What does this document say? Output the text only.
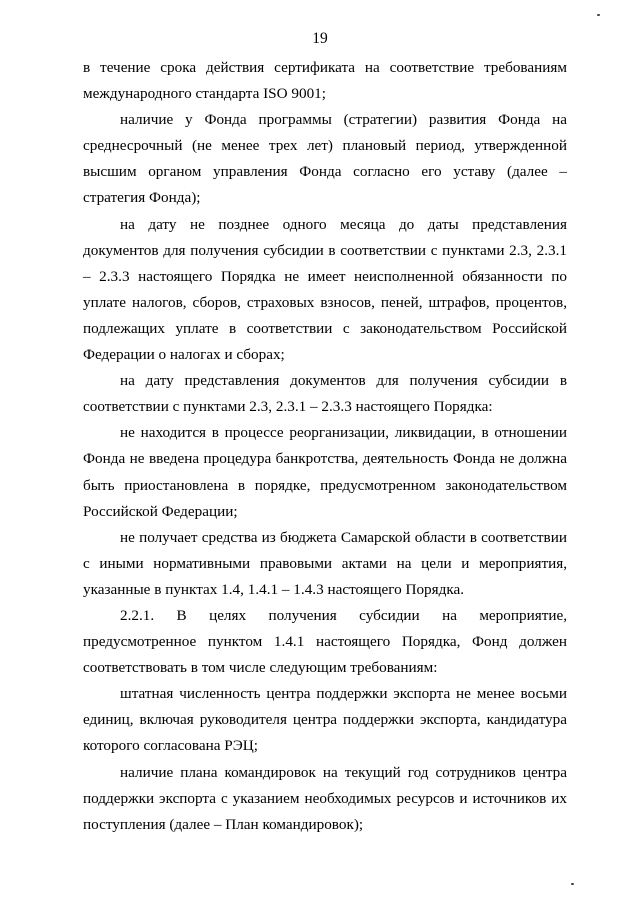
19

в течение срока действия сертификата на соответствие требованиям международного стандарта ISO 9001;

наличие у Фонда программы (стратегии) развития Фонда на среднесрочный (не менее трех лет) плановый период, утвержденной высшим органом управления Фонда согласно его уставу (далее – стратегия Фонда);

на дату не позднее одного месяца до даты представления документов для получения субсидии в соответствии с пунктами 2.3, 2.3.1 – 2.3.3 настоящего Порядка не имеет неисполненной обязанности по уплате налогов, сборов, страховых взносов, пеней, штрафов, процентов, подлежащих уплате в соответствии с законодательством Российской Федерации о налогах и сборах;

на дату представления документов для получения субсидии в соответствии с пунктами 2.3, 2.3.1 – 2.3.3 настоящего Порядка:

не находится в процессе реорганизации, ликвидации, в отношении Фонда не введена процедура банкротства, деятельность Фонда не должна быть приостановлена в порядке, предусмотренном законодательством Российской Федерации;

не получает средства из бюджета Самарской области в соответствии с иными нормативными правовыми актами на цели и мероприятия, указанные в пунктах 1.4, 1.4.1 – 1.4.3 настоящего Порядка.

2.2.1. В целях получения субсидии на мероприятие, предусмотренное пунктом 1.4.1 настоящего Порядка, Фонд должен соответствовать в том числе следующим требованиям:

штатная численность центра поддержки экспорта не менее восьми единиц, включая руководителя центра поддержки экспорта, кандидатура которого согласована РЭЦ;

наличие плана командировок на текущий год сотрудников центра поддержки экспорта с указанием необходимых ресурсов и источников их поступления (далее – План командировок);
